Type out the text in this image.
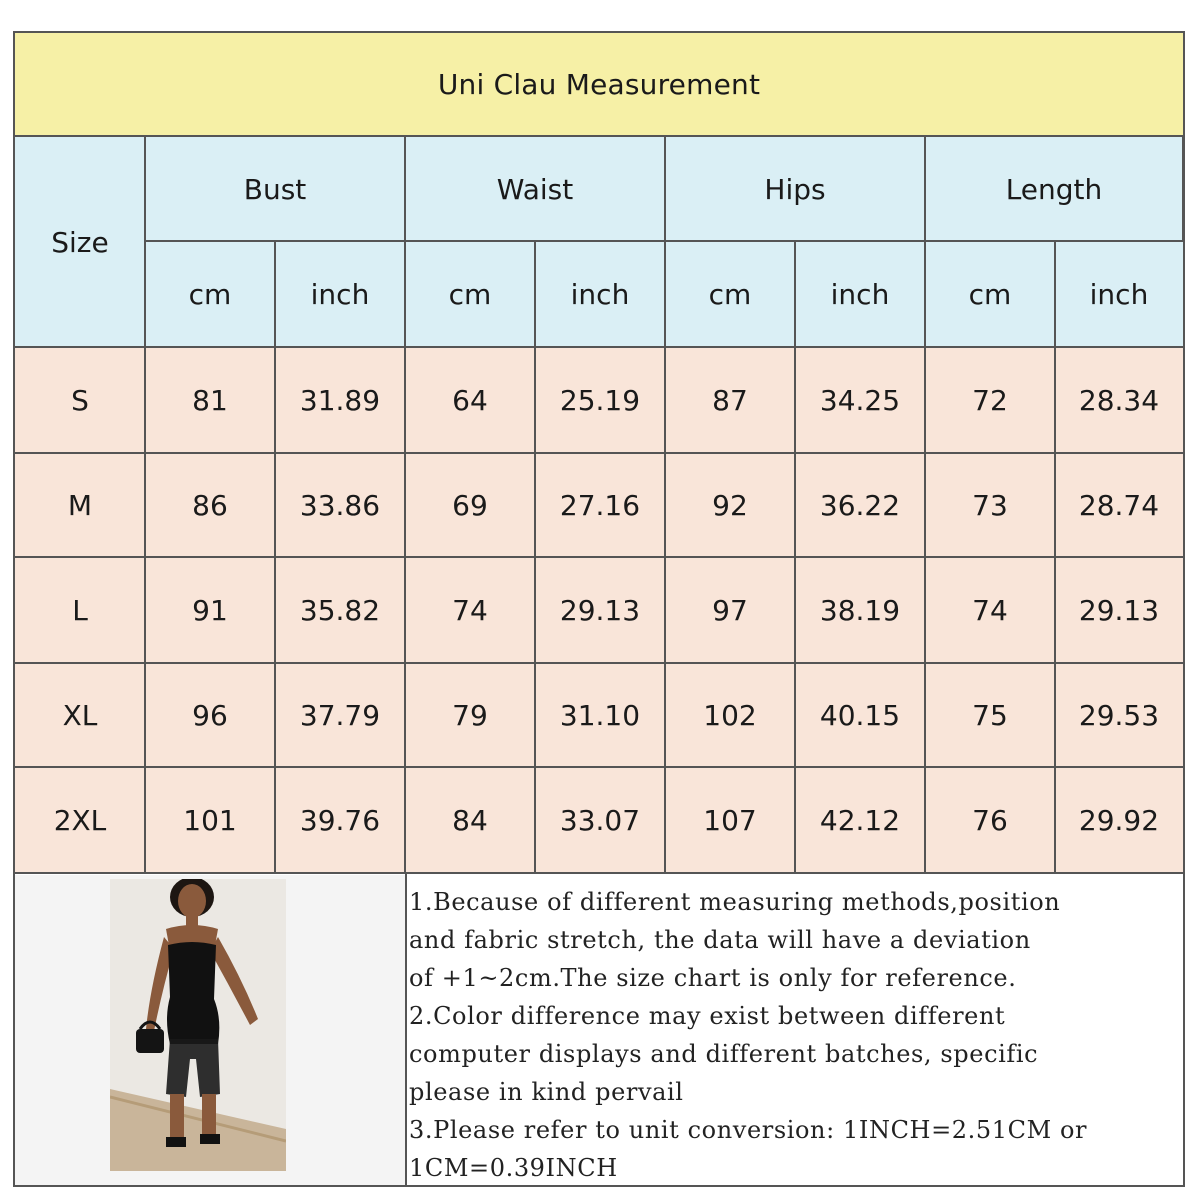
Uni Clau Measurement
Size
Bust	Waist	Hips	Length
cm	inch	cm	inch	cm	inch	cm	inch
S	81	31.89	64	25.19	87	34.25	72	28.34
M	86	33.86	69	27.16	92	36.22	73	28.74
L	91	35.82	74	29.13	97	38.19	74	29.13
XL	96	37.79	79	31.10	102	40.15	75	29.53
2XL	101	39.76	84	33.07	107	42.12	76	29.92
1.Because of different measuring methods,position
and fabric stretch, the data will have a deviation
of +1~2cm.The size chart is only for reference.
2.Color difference may exist between different
computer displays and different batches, specific
please in kind pervail
3.Please refer to unit conversion: 1INCH=2.51CM or
1CM=0.39INCH
